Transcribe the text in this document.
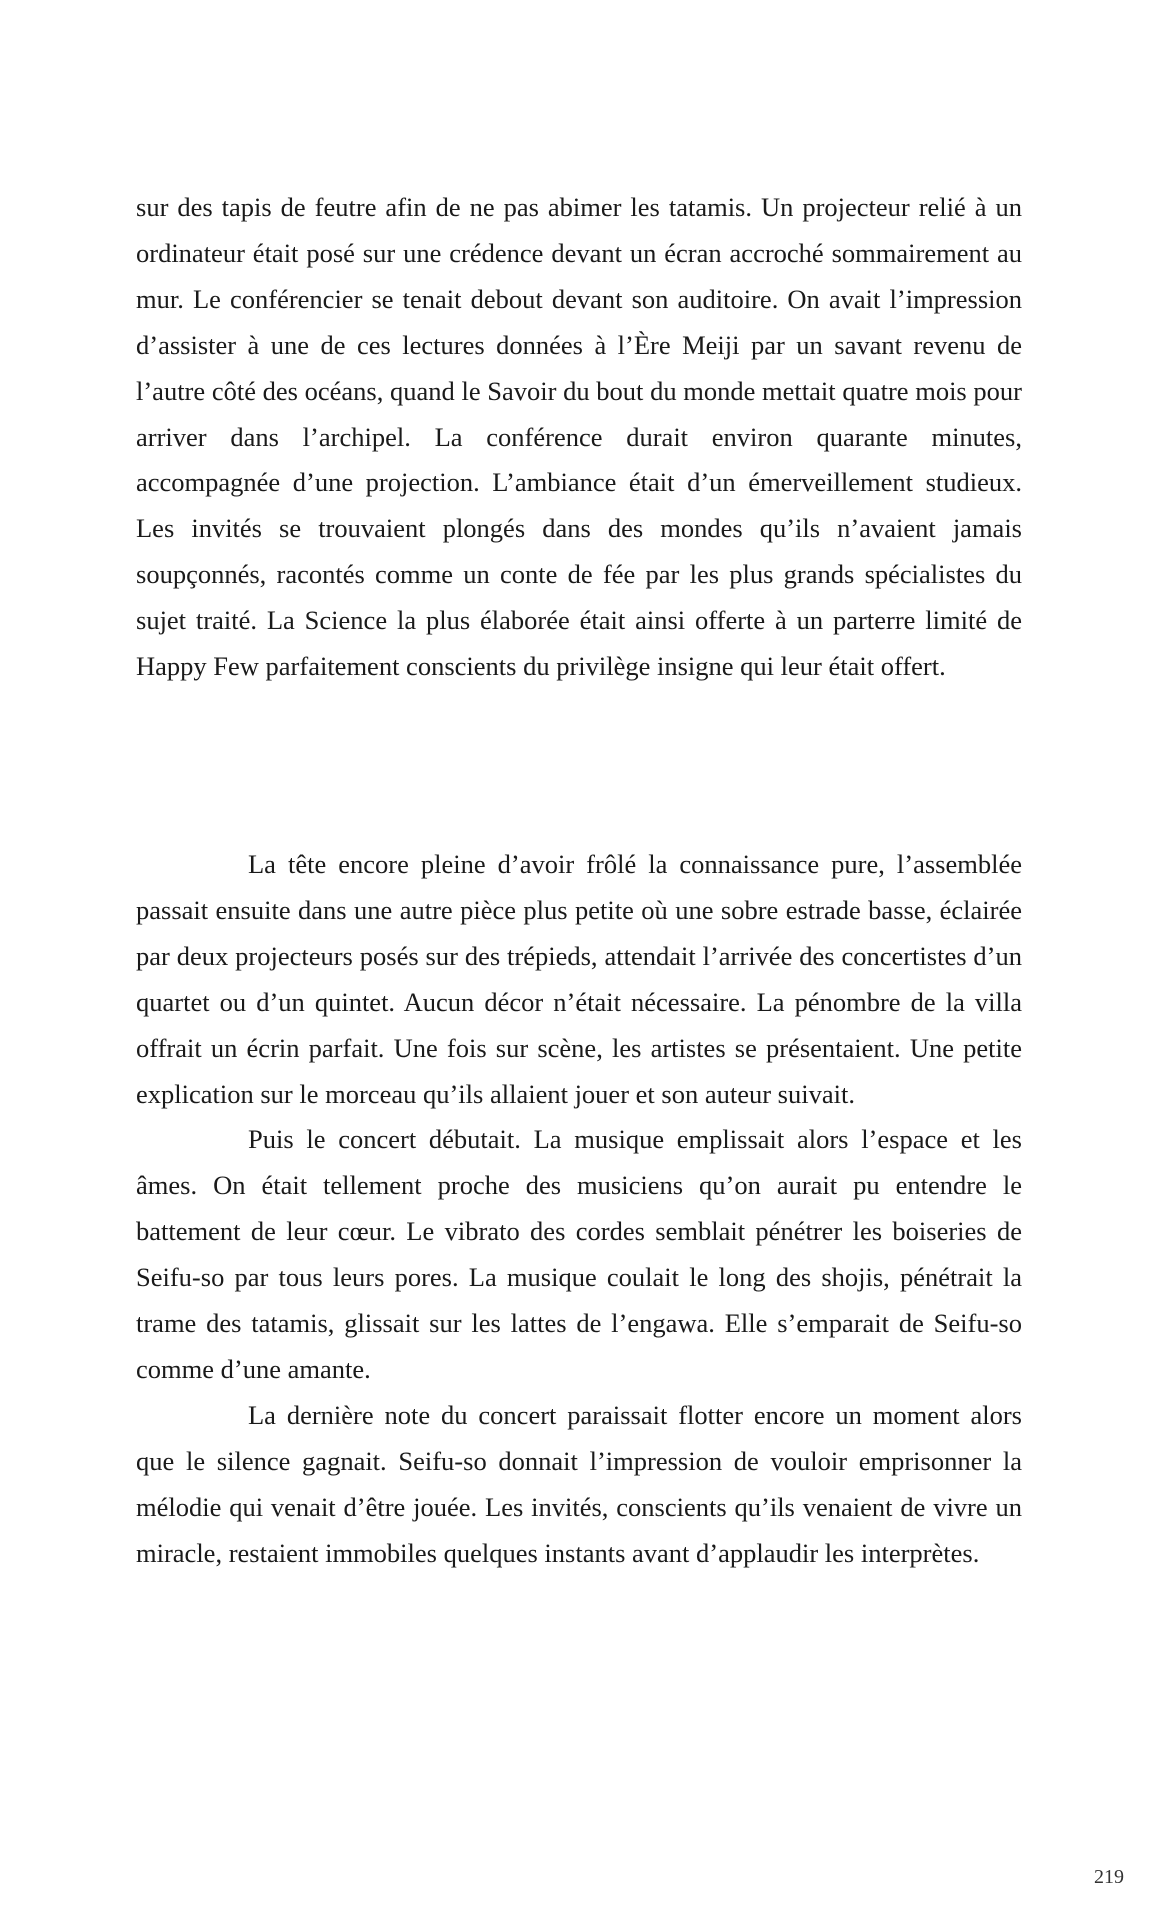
sur des tapis de feutre afin de ne pas abimer les tatamis. Un projecteur relié à un ordinateur était posé sur une crédence devant un écran accroché sommairement au mur. Le conférencier se tenait debout devant son auditoire. On avait l’impression d’assister à une de ces lectures données à l’Ère Meiji par un savant revenu de l’autre côté des océans, quand le Savoir du bout du monde mettait quatre mois pour arriver dans l’archipel. La conférence durait environ quarante minutes, accompagnée d’une projection. L’ambiance était d’un émerveillement studieux. Les invités se trouvaient plongés dans des mondes qu’ils n’avaient jamais soupçonnés, racontés comme un conte de fée par les plus grands spécialistes du sujet traité. La Science la plus élaborée était ainsi offerte à un parterre limité de Happy Few parfaitement conscients du privilège insigne qui leur était offert.

La tête encore pleine d’avoir frôlé la connaissance pure, l’assemblée passait ensuite dans une autre pièce plus petite où une sobre estrade basse, éclairée par deux projecteurs posés sur des trépieds, attendait l’arrivée des concertistes d’un quartet ou d’un quintet. Aucun décor n’était nécessaire. La pénombre de la villa offrait un écrin parfait. Une fois sur scène, les artistes se présentaient. Une petite explication sur le morceau qu’ils allaient jouer et son auteur suivait.

Puis le concert débutait. La musique emplissait alors l’espace et les âmes. On était tellement proche des musiciens qu’on aurait pu entendre le battement de leur cœur. Le vibrato des cordes semblait pénétrer les boiseries de Seifu-so par tous leurs pores. La musique coulait le long des shojis, pénétrait la trame des tatamis, glissait sur les lattes de l’engawa. Elle s’emparait de Seifu-so comme d’une amante.

La dernière note du concert paraissait flotter encore un moment alors que le silence gagnait. Seifu-so donnait l’impression de vouloir emprisonner la mélodie qui venait d’être jouée. Les invités, conscients qu’ils venaient de vivre un miracle, restaient immobiles quelques instants avant d’applaudir les interprètes.

219
